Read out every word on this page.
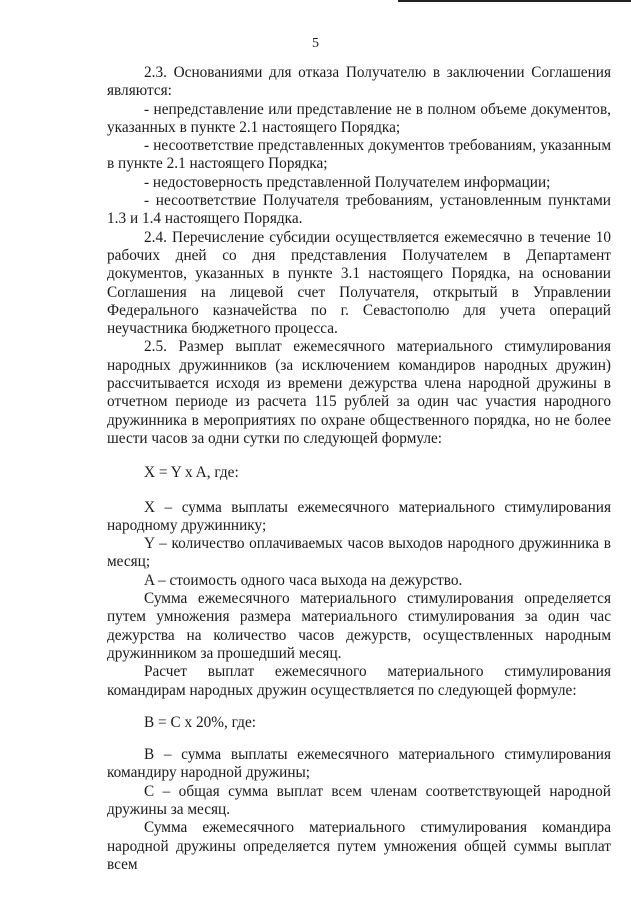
5

2.3. Основаниями для отказа Получателю в заключении Соглашения являются:

- непредставление или представление не в полном объеме документов, указанных в пункте 2.1 настоящего Порядка;

- несоответствие представленных документов требованиям, указанным в пункте 2.1 настоящего Порядка;

- недостоверность представленной Получателем информации;

- несоответствие Получателя требованиям, установленным пунктами 1.3 и 1.4 настоящего Порядка.

2.4. Перечисление субсидии осуществляется ежемесячно в течение 10 рабочих дней со дня представления Получателем в Департамент документов, указанных в пункте 3.1 настоящего Порядка, на основании Соглашения на лицевой счет Получателя, открытый в Управлении Федерального казначейства по г. Севастополю для учета операций неучастника бюджетного процесса.

2.5. Размер выплат ежемесячного материального стимулирования народных дружинников (за исключением командиров народных дружин) рассчитывается исходя из времени дежурства члена народной дружины в отчетном периоде из расчета 115 рублей за один час участия народного дружинника в мероприятиях по охране общественного порядка, но не более шести часов за одни сутки по следующей формуле:

X = Y x A, где:

X – сумма выплаты ежемесячного материального стимулирования народному дружиннику;

Y – количество оплачиваемых часов выходов народного дружинника в месяц;

A – стоимость одного часа выхода на дежурство.

Сумма ежемесячного материального стимулирования определяется путем умножения размера материального стимулирования за один час дежурства на количество часов дежурств, осуществленных народным дружинником за прошедший месяц.

Расчет выплат ежемесячного материального стимулирования командирам народных дружин осуществляется по следующей формуле:

B = C x 20%, где:

B – сумма выплаты ежемесячного материального стимулирования командиру народной дружины;

C – общая сумма выплат всем членам соответствующей народной дружины за месяц.

Сумма ежемесячного материального стимулирования командира народной дружины определяется путем умножения общей суммы выплат всем
